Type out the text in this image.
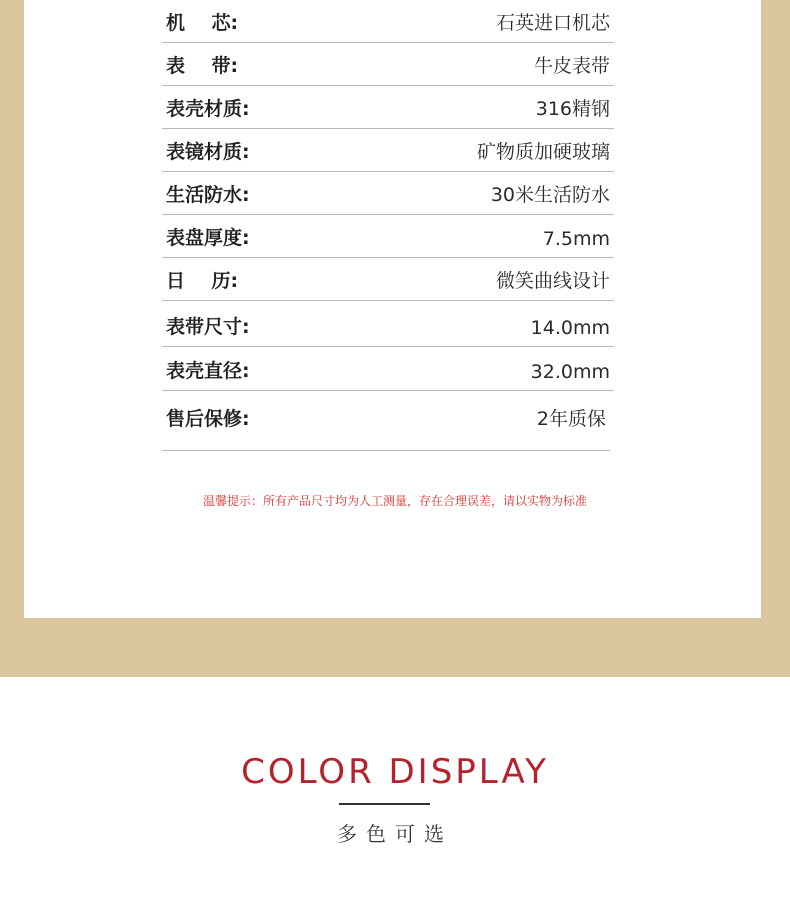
机    芯:	石英进口机芯
表    带:	牛皮表带
表壳材质:	316精钢
表镜材质:	矿物质加硬玻璃
生活防水:	30米生活防水
表盘厚度:	7.5mm
日    历:	微笑曲线设计
表带尺寸:	14.0mm
表壳直径:	32.0mm
售后保修:	2年质保
温馨提示：所有产品尺寸均为人工测量，存在合理误差，请以实物为标准
COLOR DISPLAY
多色可选
